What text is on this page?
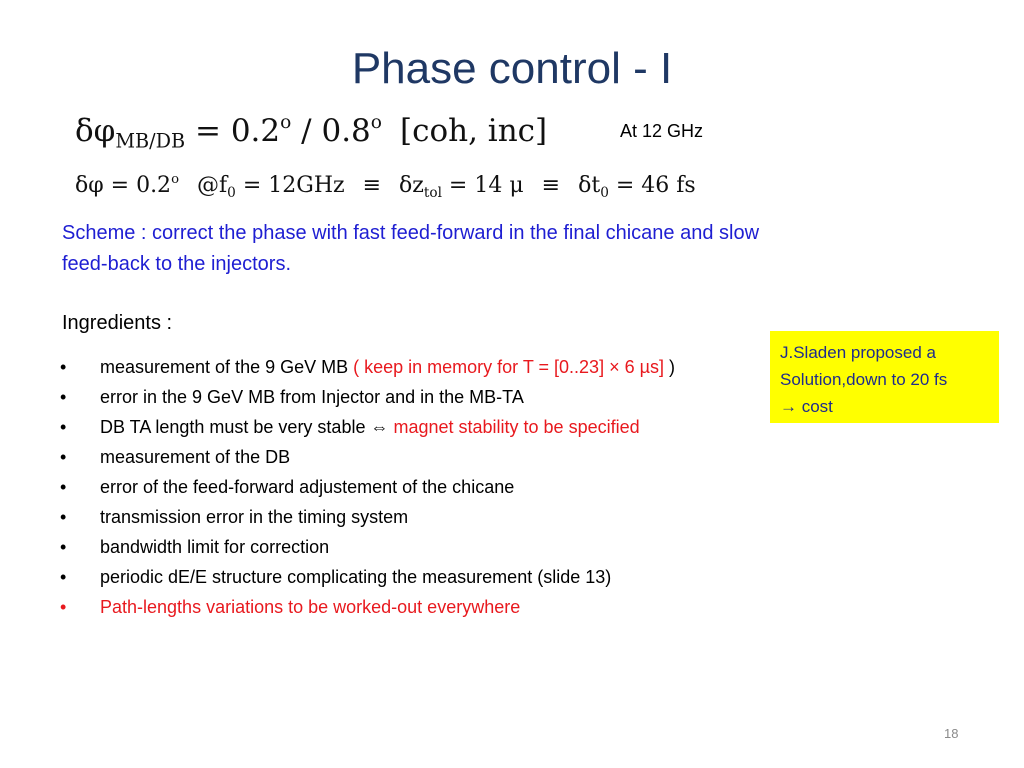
Phase control - I
$\delta\varphi_{MB/DB} = 0.2^o / 0.8^o$ [coh, inc]	At 12 GHz
$\delta\varphi = 0.2^o$ $@f_0 = 12GHz \equiv \delta z_{tol} = 14$ $\mu \equiv \delta t_0 = 46$ fs
Scheme : correct the phase with fast feed-forward in the final chicane and slow
feed-back to the injectors.
Ingredients :
•	measurement of the 9 GeV MB ( keep in memory for T = [0..23] × 6 µs] )
•	error in the 9 GeV MB from Injector and in the MB-TA
•	DB TA length must be very stable ⇔ magnet stability to be specified
•	measurement of the DB
•	error of the feed-forward adjustement of the chicane
•	transmission error in the timing system
•	bandwidth limit for correction
•	periodic dE/E structure complicating the measurement (slide 13)
•	Path-lengths variations to be worked-out everywhere
J.Sladen proposed a
Solution,down to 20 fs
→ cost
18
